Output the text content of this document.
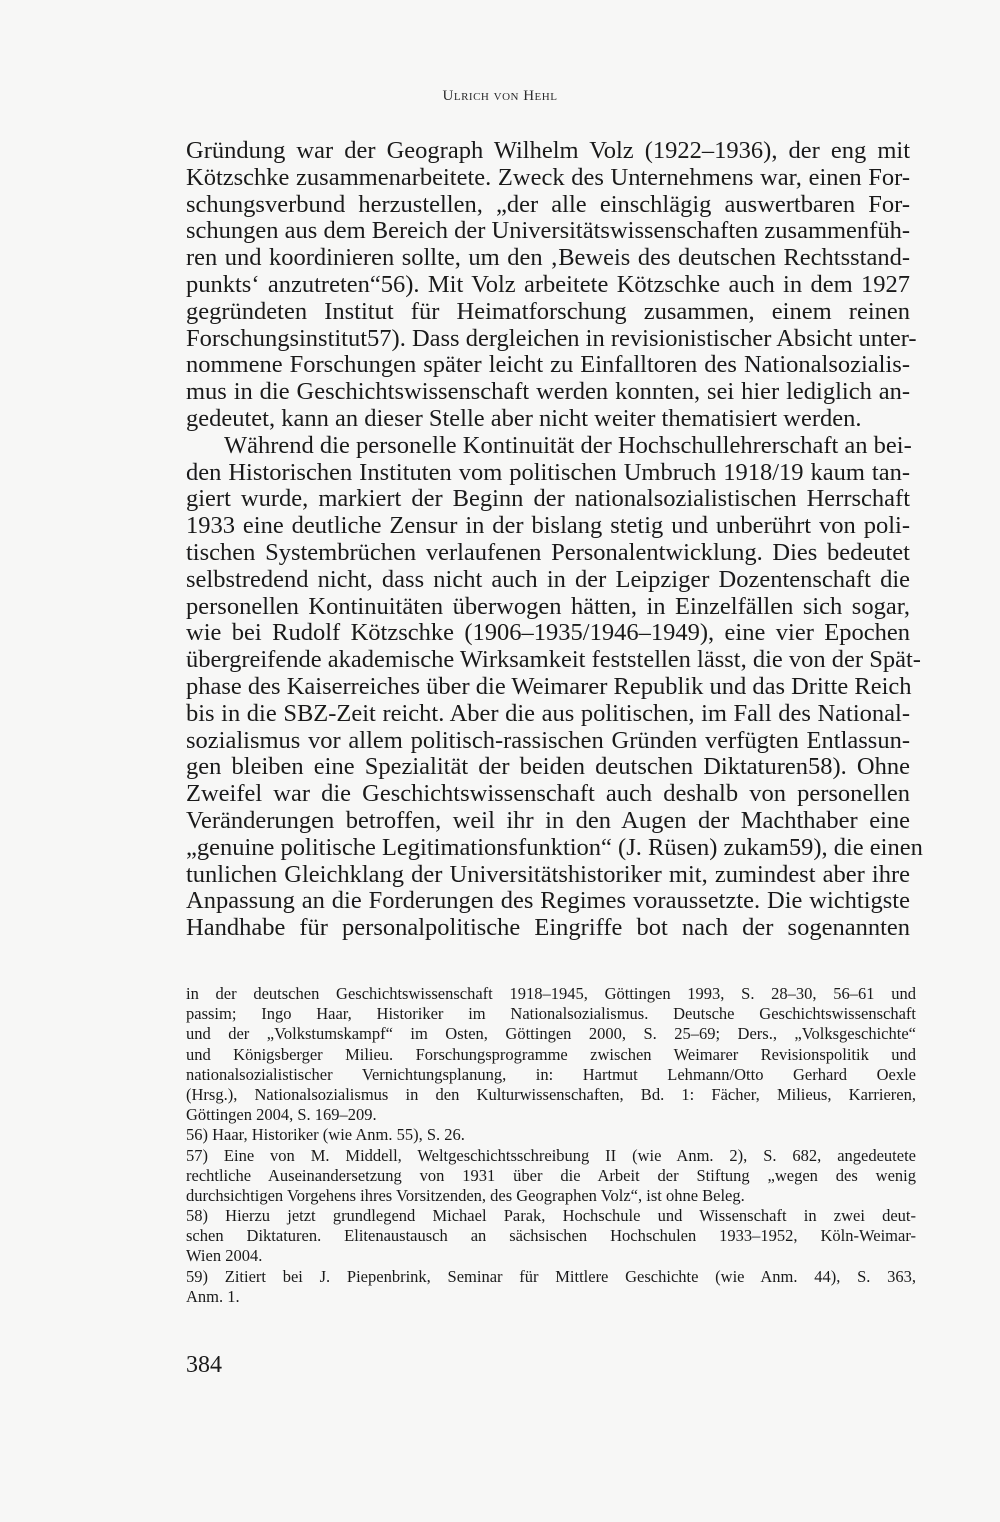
Ulrich von Hehl
Gründung war der Geograph Wilhelm Volz (1922–1936), der eng mit
Kötzschke zusammenarbeitete. Zweck des Unternehmens war, einen For-
schungsverbund herzustellen, „der alle einschlägig auswertbaren For-
schungen aus dem Bereich der Universitätswissenschaften zusammenfüh-
ren und koordinieren sollte, um den ‚Beweis des deutschen Rechtsstand-
punkts‘ anzutreten“56). Mit Volz arbeitete Kötzschke auch in dem 1927
gegründeten Institut für Heimatforschung zusammen, einem reinen
Forschungsinstitut57). Dass dergleichen in revisionistischer Absicht unter-
nommene Forschungen später leicht zu Einfalltoren des Nationalsozialis-
mus in die Geschichtswissenschaft werden konnten, sei hier lediglich an-
gedeutet, kann an dieser Stelle aber nicht weiter thematisiert werden.
Während die personelle Kontinuität der Hochschullehrerschaft an bei-
den Historischen Instituten vom politischen Umbruch 1918/19 kaum tan-
giert wurde, markiert der Beginn der nationalsozialistischen Herrschaft
1933 eine deutliche Zensur in der bislang stetig und unberührt von poli-
tischen Systembrüchen verlaufenen Personalentwicklung. Dies bedeutet
selbstredend nicht, dass nicht auch in der Leipziger Dozentenschaft die
personellen Kontinuitäten überwogen hätten, in Einzelfällen sich sogar,
wie bei Rudolf Kötzschke (1906–1935/1946–1949), eine vier Epochen
übergreifende akademische Wirksamkeit feststellen lässt, die von der Spät-
phase des Kaiserreiches über die Weimarer Republik und das Dritte Reich
bis in die SBZ-Zeit reicht. Aber die aus politischen, im Fall des National-
sozialismus vor allem politisch-rassischen Gründen verfügten Entlassun-
gen bleiben eine Spezialität der beiden deutschen Diktaturen58). Ohne
Zweifel war die Geschichtswissenschaft auch deshalb von personellen
Veränderungen betroffen, weil ihr in den Augen der Machthaber eine
„genuine politische Legitimationsfunktion“ (J. Rüsen) zukam59), die einen
tunlichen Gleichklang der Universitätshistoriker mit, zumindest aber ihre
Anpassung an die Forderungen des Regimes voraussetzte. Die wichtigste
Handhabe für personalpolitische Eingriffe bot nach der sogenannten
in der deutschen Geschichtswissenschaft 1918–1945, Göttingen 1993, S. 28–30, 56–61 und
passim; Ingo Haar, Historiker im Nationalsozialismus. Deutsche Geschichtswissenschaft
und der „Volkstumskampf“ im Osten, Göttingen 2000, S. 25–69; Ders., „Volksgeschichte“
und Königsberger Milieu. Forschungsprogramme zwischen Weimarer Revisionspolitik und
nationalsozialistischer Vernichtungsplanung, in: Hartmut Lehmann/Otto Gerhard Oexle
(Hrsg.), Nationalsozialismus in den Kulturwissenschaften, Bd. 1: Fächer, Milieus, Karrieren,
Göttingen 2004, S. 169–209.
56) Haar, Historiker (wie Anm. 55), S. 26.
57) Eine von M. Middell, Weltgeschichtsschreibung II (wie Anm. 2), S. 682, angedeutete
rechtliche Auseinandersetzung von 1931 über die Arbeit der Stiftung „wegen des wenig
durchsichtigen Vorgehens ihres Vorsitzenden, des Geographen Volz“, ist ohne Beleg.
58) Hierzu jetzt grundlegend Michael Parak, Hochschule und Wissenschaft in zwei deut-
schen Diktaturen. Elitenaustausch an sächsischen Hochschulen 1933–1952, Köln-Weimar-
Wien 2004.
59) Zitiert bei J. Piepenbrink, Seminar für Mittlere Geschichte (wie Anm. 44), S. 363,
Anm. 1.
384
